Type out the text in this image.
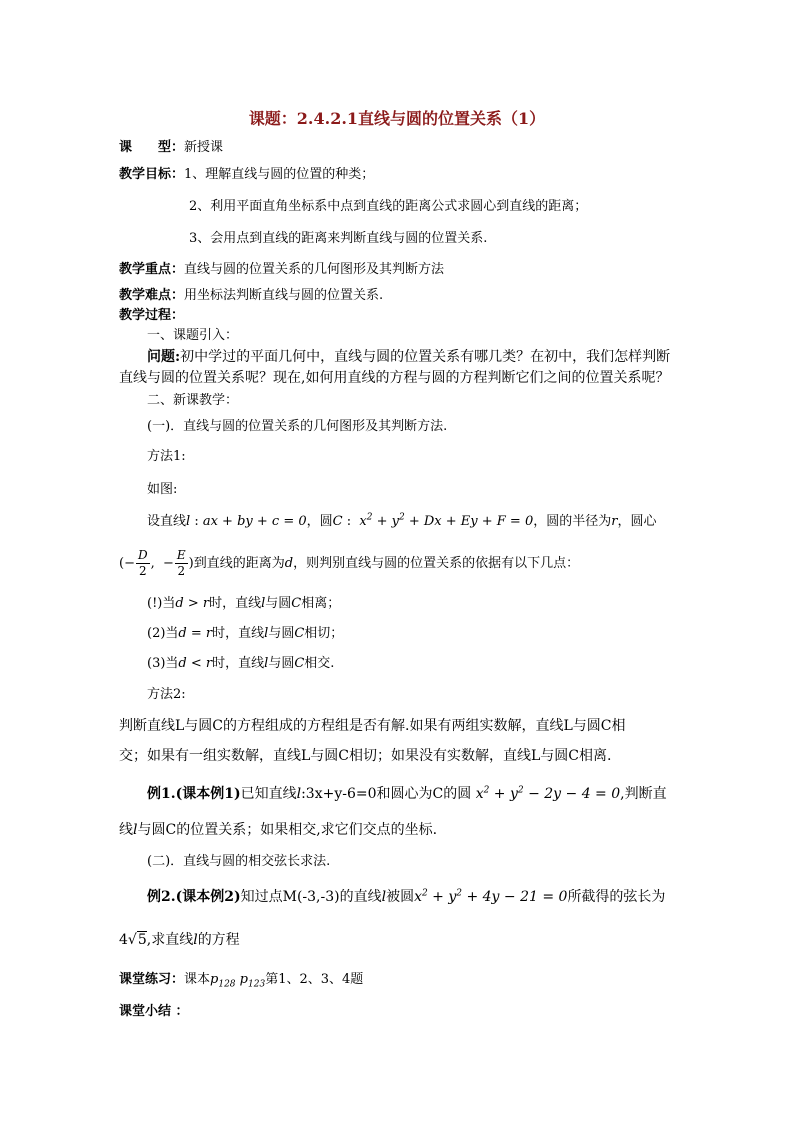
课题：2.4.2.1直线与圆的位置关系（1）
课　　型：新授课
教学目标：1、理解直线与圆的位置的种类；
2、利用平面直角坐标系中点到直线的距离公式求圆心到直线的距离；
3、会用点到直线的距离来判断直线与圆的位置关系.
教学重点：直线与圆的位置关系的几何图形及其判断方法
教学难点：用坐标法判断直线与圆的位置关系.
教学过程：
一、课题引入：
问题:初中学过的平面几何中，直线与圆的位置关系有哪几类？在初中，我们怎样判断
直线与圆的位置关系呢？现在,如何用直线的方程与圆的方程判断它们之间的位置关系呢？
二、新课教学：
(一)．直线与圆的位置关系的几何图形及其判断方法.
方法1:
如图:
设直线l : ax + by + c = 0，圆C :  $x^2 + y^2 + Dx + Ey + F = 0$，圆的半径为r，圆心
(− $\frac{D}{2}$ ,  − $\frac{E}{2}$ )到直线的距离为d，则判别直线与圆的位置关系的依据有以下几点：
(!)当d > r时，直线l与圆C相离；
(2)当d = r时，直线l与圆C相切；
(3)当d < r时，直线l与圆C相交.
方法2:
判断直线L与圆C的方程组成的方程组是否有解.如果有两组实数解，直线L与圆C相
交；如果有一组实数解，直线L与圆C相切；如果没有实数解，直线L与圆C相离.
例1.(课本例1)已知直线l:3x+y-6=0和圆心为C的圆 $x^2 + y^2 - 2y - 4 = 0$,判断直
线l与圆C的位置关系；如果相交,求它们交点的坐标.
(二)．直线与圆的相交弦长求法.
例2.(课本例2)知过点M(-3,-3)的直线l被圆$x^2 + y^2 + 4y - 21 = 0$所截得的弦长为
4√5,求直线l的方程
课堂练习：课本$p_{128}$ $p_{123}$第1、2、3、4题
课堂小结 ：
